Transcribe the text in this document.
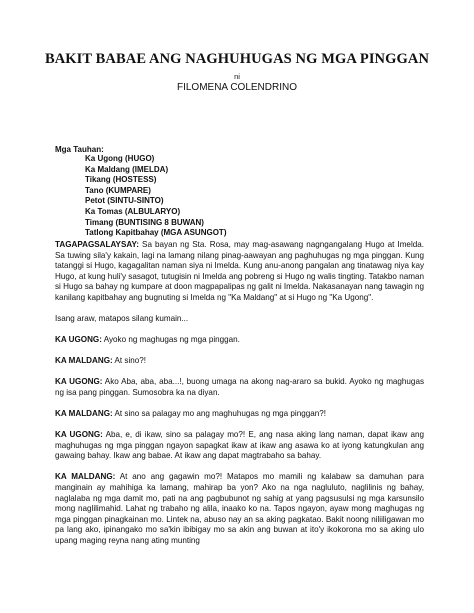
BAKIT BABAE ANG NAGHUHUGAS NG MGA PINGGAN
ni
FILOMENA COLENDRINO
Mga Tauhan:
Ka Ugong (HUGO)
Ka Maldang (IMELDA)
Tikang (HOSTESS)
Tano (KUMPARE)
Petot (SINTU-SINTO)
Ka Tomas (ALBULARYO)
Timang (BUNTISING 8 BUWAN)
Tatlong Kapitbahay (MGA ASUNGOT)

TAGAPAGSALAYSAY: Sa bayan ng Sta. Rosa, may mag-asawang nagngangalang Hugo at Imelda. Sa tuwing sila'y kakain, lagi na lamang nilang pinag-aawayan ang paghuhugas ng mga pinggan. Kung tatanggi si Hugo, kagagalitan naman siya ni Imelda. Kung anu-anong pangalan ang tinatawag niya kay Hugo, at kung huli'y sasagot, tutugisin ni Imelda ang pobreng si Hugo ng walis tingting. Tatakbo naman si Hugo sa bahay ng kumpare at doon magpapalipas ng galit ni Imelda. Nakasanayan nang tawagin ng kanilang kapitbahay ang bugnuting si Imelda ng "Ka Maldang" at si Hugo ng "Ka Ugong".

Isang araw, matapos silang kumain...

KA UGONG: Ayoko ng maghugas ng mga pinggan.

KA MALDANG: At sino?!

KA UGONG: Ako Aba, aba, aba...!, buong umaga na akong nag-araro sa bukid. Ayoko ng maghugas ng isa pang pinggan. Sumosobra ka na diyan.

KA MALDANG: At sino sa palagay mo ang maghuhugas ng mga pinggan?!

KA UGONG: Aba, e, di ikaw, sino sa palagay mo?! E, ang nasa aking lang naman, dapat ikaw ang maghuhugas ng mga pinggan ngayon sapagkat ikaw at ikaw ang asawa ko at iyong katungkulan ang gawaing bahay. Ikaw ang babae. At ikaw ang dapat magtrabaho sa bahay.

KA MALDANG: At ano ang gagawin mo?! Matapos mo mamili ng kalabaw sa damuhan para manginain ay mahihiga ka lamang, mahirap ba yon? Ako na nga nagluluto, naglilinis ng bahay, naglalaba ng mga damit mo, pati na ang pagbubunot ng sahig at yang pagsusulsi ng mga karsunsilo mong naglilimahid. Lahat ng trabaho ng alila, inaako ko na. Tapos ngayon, ayaw mong maghugas ng mga pinggan pinagkainan mo. Lintek na, abuso nay an sa aking pagkatao. Bakit noong niliiligawan mo pa lang ako, ipinangako mo sa'kin ibibigay mo sa akin ang buwan at ito'y ikokorona mo sa aking ulo upang maging reyna nang ating munting
